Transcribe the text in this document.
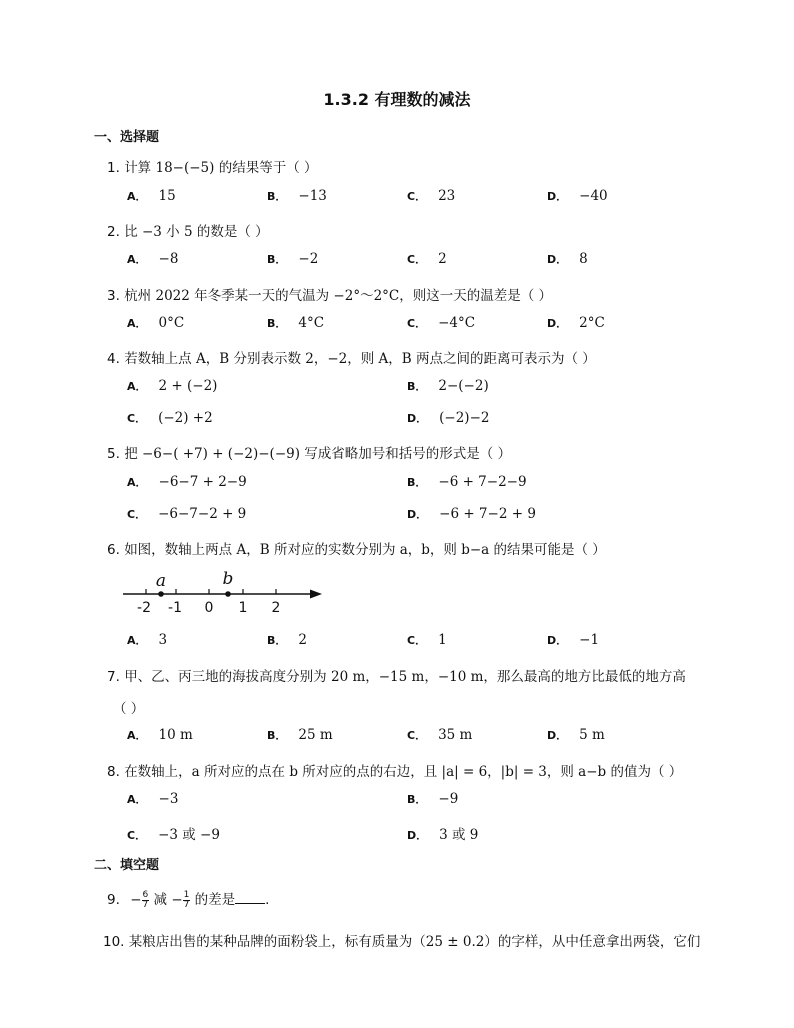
1.3.2 有理数的减法
一、选择题
1. 计算 18−(−5) 的结果等于（ ）
A． 15	B． −13	C． 23	D． −40
2. 比 −3 小 5 的数是（ ）
A． −8	B． −2	C． 2	D． 8
3. 杭州 2022 年冬季某一天的气温为 −2°～2°C，则这一天的温差是（ ）
A． 0°C	B． 4°C	C． −4°C	D． 2°C
4. 若数轴上点 A，B 分别表示数 2，−2，则 A，B 两点之间的距离可表示为（ ）
A． 2 + (−2)	B． 2−(−2)
C． (−2) +2	D． (−2)−2
5. 把 −6−( +7) + (−2)−(−9) 写成省略加号和括号的形式是（ ）
A． −6−7 + 2−9	B． −6 + 7−2−9
C． −6−7−2 + 9	D． −6 + 7−2 + 9
6. 如图，数轴上两点 A，B 所对应的实数分别为 a，b，则 b−a 的结果可能是（ ）
a	b
-2 -1 0 1 2
A． 3	B． 2	C． 1	D． −1
7. 甲、乙、丙三地的海拔高度分别为 20 m，−15 m，−10 m，那么最高的地方比最低的地方高
（ ）
A． 10 m	B． 25 m	C． 35 m	D． 5 m
8. 在数轴上，a 所对应的点在 b 所对应的点的右边，且 |a| = 6，|b| = 3，则 a−b 的值为（ ）
A． −3	B． −9
C． −3 或 −9	D． 3 或 9
二、填空题
9. − $\frac{6}{7}$ 减 − $\frac{1}{7}$ 的差是 .
10. 某粮店出售的某种品牌的面粉袋上，标有质量为（25 ± 0.2）的字样，从中任意拿出两袋，它们
